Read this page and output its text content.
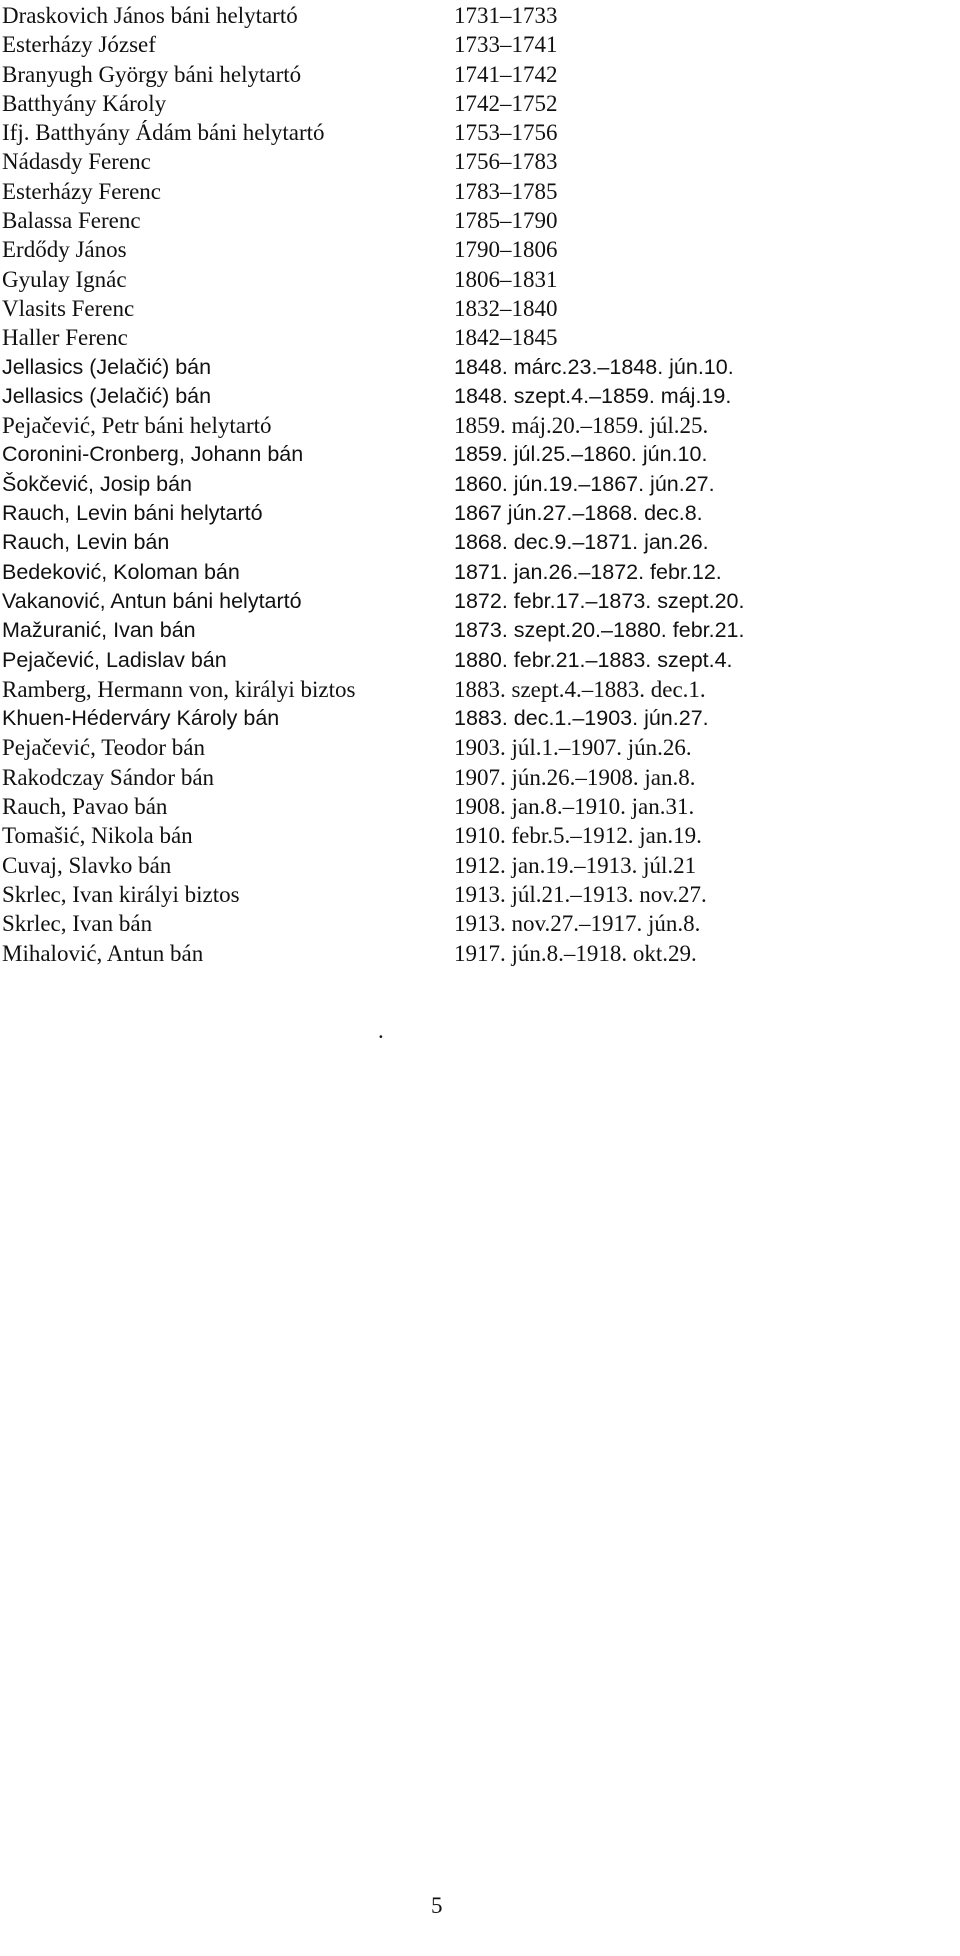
Draskovich János báni helytartó	1731–1733
Esterházy József	1733–1741
Branyugh György báni helytartó	1741–1742
Batthyány Károly	1742–1752
Ifj. Batthyány Ádám báni helytartó	1753–1756
Nádasdy Ferenc	1756–1783
Esterházy Ferenc	1783–1785
Balassa Ferenc	1785–1790
Erdődy János	1790–1806
Gyulay Ignác	1806–1831
Vlasits Ferenc	1832–1840
Haller Ferenc	1842–1845
Jellasics (Jelačić) bán	1848. márc.23.–1848. jún.10.
Jellasics (Jelačić) bán	1848. szept.4.–1859. máj.19.
Pejačević, Petr báni helytartó	1859. máj.20.–1859. júl.25.
Coronini-Cronberg, Johann bán	1859. júl.25.–1860. jún.10.
Šokčević, Josip bán	1860. jún.19.–1867. jún.27.
Rauch, Levin báni helytartó	1867 jún.27.–1868. dec.8.
Rauch, Levin bán	1868. dec.9.–1871. jan.26.
Bedeković, Koloman bán	1871. jan.26.–1872. febr.12.
Vakanović, Antun báni helytartó	1872. febr.17.–1873. szept.20.
Mažuranić, Ivan bán	1873. szept.20.–1880. febr.21.
Pejačević, Ladislav bán	1880. febr.21.–1883. szept.4.
Ramberg, Hermann von, királyi biztos	1883. szept.4.–1883. dec.1.
Khuen-Héderváry Károly bán	1883. dec.1.–1903. jún.27.
Pejačević, Teodor bán	1903. júl.1.–1907. jún.26.
Rakodczay Sándor bán	1907. jún.26.–1908. jan.8.
Rauch, Pavao bán	1908. jan.8.–1910. jan.31.
Tomašić, Nikola bán	1910. febr.5.–1912. jan.19.
Cuvaj, Slavko bán	1912. jan.19.–1913. júl.21
Skrlec, Ivan királyi biztos	1913. júl.21.–1913. nov.27.
Skrlec, Ivan bán	1913. nov.27.–1917. jún.8.
Mihalović, Antun bán	1917. jún.8.–1918. okt.29.
.
5
